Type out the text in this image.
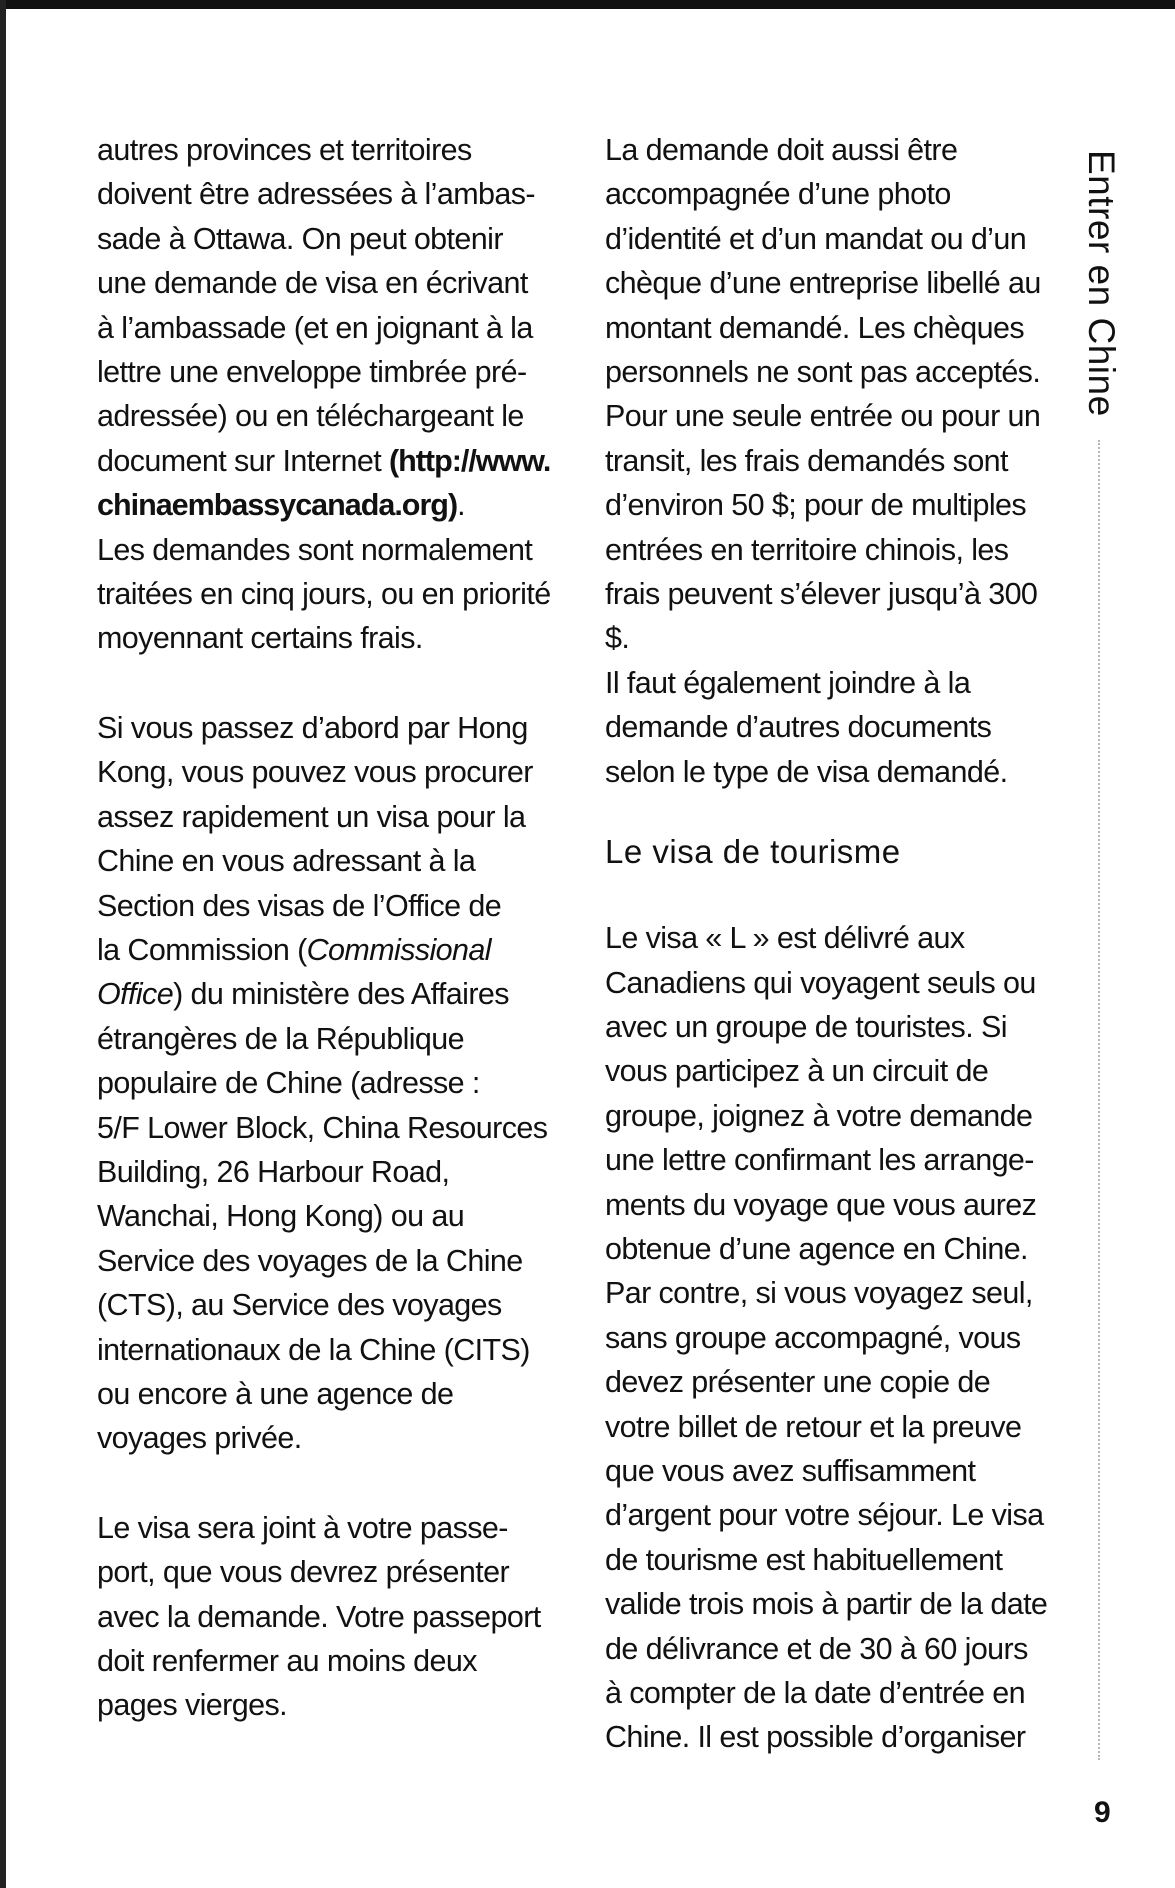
autres provinces et territoires
doivent être adressées à l’ambas-
sade à Ottawa. On peut obtenir
une demande de visa en écrivant
à l’ambassade (et en joignant à la
lettre une enveloppe timbrée pré-
adressée) ou en téléchargeant le
document sur Internet (http://www.
chinaembassycanada.org).
Les demandes sont normalement
traitées en cinq jours, ou en priorité
moyennant certains frais.

Si vous passez d’abord par Hong
Kong, vous pouvez vous procurer
assez rapidement un visa pour la
Chine en vous adressant à la
Section des visas de l’Office de
la Commission (Commissional
Office) du ministère des Affaires
étrangères de la République
populaire de Chine (adresse :
5/F Lower Block, China Resources
Building, 26 Harbour Road,
Wanchai, Hong Kong) ou au
Service des voyages de la Chine
(CTS), au Service des voyages
internationaux de la Chine (CITS)
ou encore à une agence de
voyages privée.

Le visa sera joint à votre passe-
port, que vous devrez présenter
avec la demande. Votre passeport
doit renfermer au moins deux
pages vierges.

La demande doit aussi être
accompagnée d’une photo
d’identité et d’un mandat ou d’un
chèque d’une entreprise libellé au
montant demandé. Les chèques
personnels ne sont pas acceptés.
Pour une seule entrée ou pour un
transit, les frais demandés sont
d’environ 50 $; pour de multiples
entrées en territoire chinois, les
frais peuvent s’élever jusqu’à 300 $.
Il faut également joindre à la
demande d’autres documents
selon le type de visa demandé.

Le visa de tourisme

Le visa « L » est délivré aux
Canadiens qui voyagent seuls ou
avec un groupe de touristes. Si
vous participez à un circuit de
groupe, joignez à votre demande
une lettre confirmant les arrange-
ments du voyage que vous aurez
obtenue d’une agence en Chine.
Par contre, si vous voyagez seul,
sans groupe accompagné, vous
devez présenter une copie de
votre billet de retour et la preuve
que vous avez suffisamment
d’argent pour votre séjour. Le visa
de tourisme est habituellement
valide trois mois à partir de la date
de délivrance et de 30 à 60 jours
à compter de la date d’entrée en
Chine. Il est possible d’organiser

Entrer en Chine
9
